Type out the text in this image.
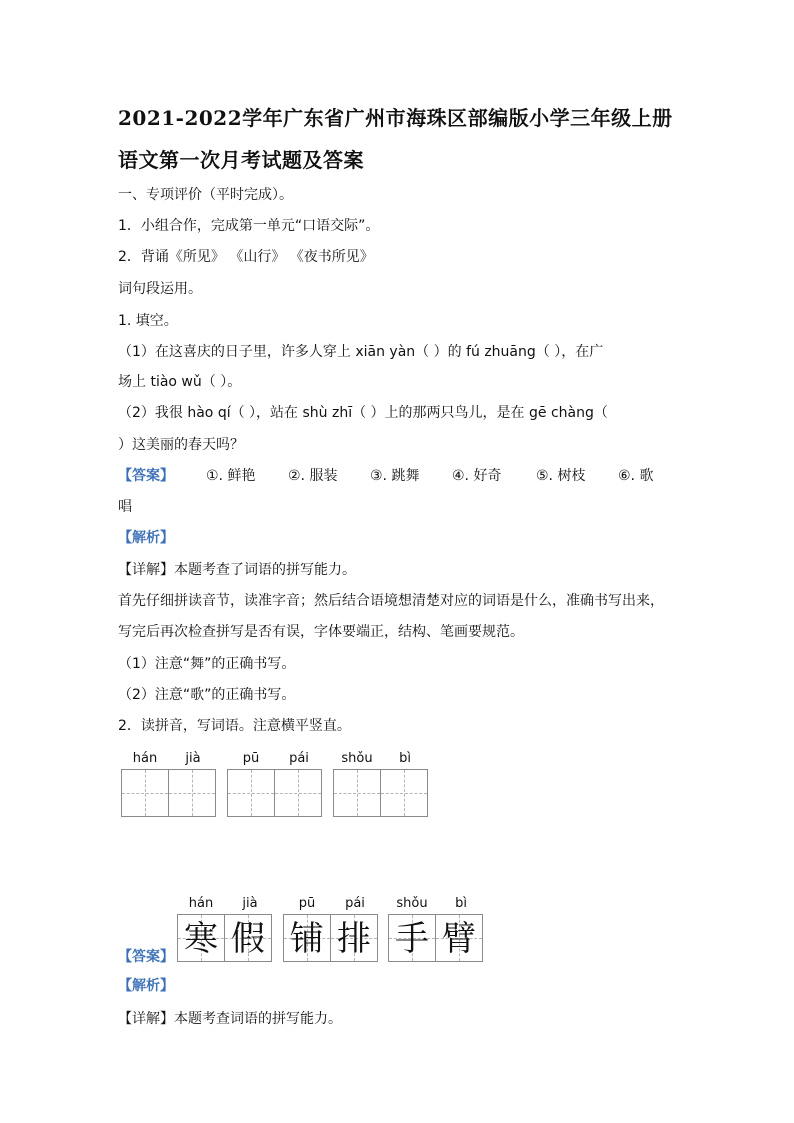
2021-2022学年广东省广州市海珠区部编版小学三年级上册
语文第一次月考试题及答案
一、专项评价（平时完成）。
1．小组合作，完成第一单元“口语交际”。
2．背诵《所见》 《山行》 《夜书所见》
词句段运用。
1. 填空。
（1）在这喜庆的日子里，许多人穿上 xiān yàn（ ）的 fú zhuāng（ ），在广
场上 tiào wǔ（ ）。
（2）我很 hào qí（ ），站在 shù zhī（ ）上的那两只鸟儿，是在 gē chàng（
）这美丽的春天吗？
【答案】 ①. 鲜艳 ②. 服装 ③. 跳舞 ④. 好奇 ⑤. 树枝 ⑥. 歌
唱
【解析】
【详解】本题考查了词语的拼写能力。
首先仔细拼读音节，读准字音；然后结合语境想清楚对应的词语是什么，准确书写出来，
写完后再次检查拼写是否有误，字体要端正，结构、笔画要规范。
（1）注意“舞”的正确书写。
（2）注意“歌”的正确书写。
2．读拼音，写词语。注意横平竖直。
hán	jià	pū	pái	shǒu	bì
hán	jià	pū	pái	shǒu	bì
寒 假 铺 排 手 臂
【答案】
【解析】
【详解】本题考查词语的拼写能力。
